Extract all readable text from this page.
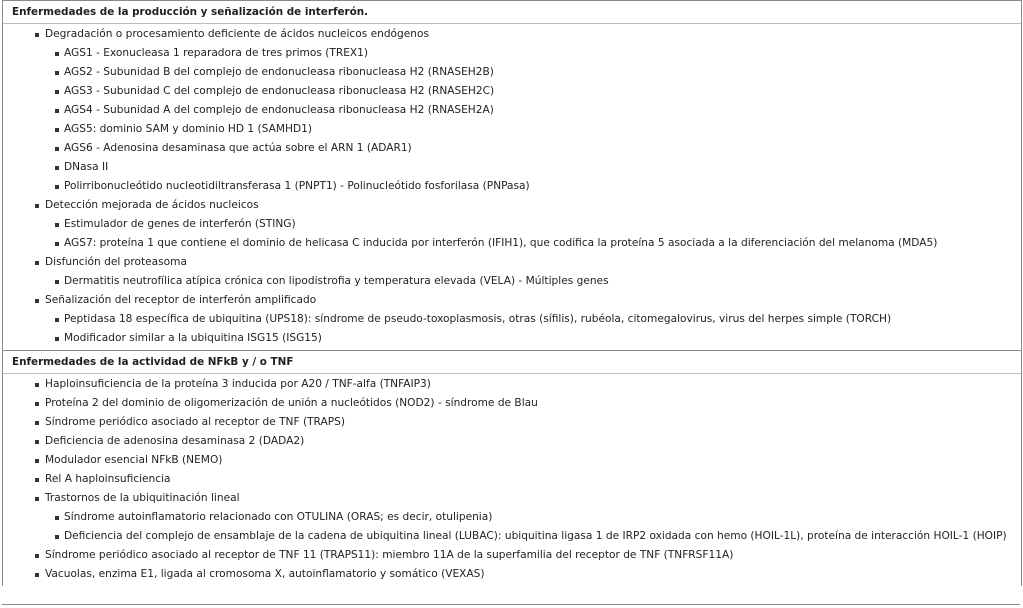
Enfermedades de la producción y señalización de interferón.
Degradación o procesamiento deficiente de ácidos nucleicos endógenos
AGS1 - Exonucleasa 1 reparadora de tres primos (TREX1)
AGS2 - Subunidad B del complejo de endonucleasa ribonucleasa H2 (RNASEH2B)
AGS3 - Subunidad C del complejo de endonucleasa ribonucleasa H2 (RNASEH2C)
AGS4 - Subunidad A del complejo de endonucleasa ribonucleasa H2 (RNASEH2A)
AGS5: dominio SAM y dominio HD 1 (SAMHD1)
AGS6 - Adenosina desaminasa que actúa sobre el ARN 1 (ADAR1)
DNasa II
Polirribonucleótido nucleotidiltransferasa 1 (PNPT1) - Polinucleótido fosforilasa (PNPasa)
Detección mejorada de ácidos nucleicos
Estimulador de genes de interferón (STING)
AGS7: proteína 1 que contiene el dominio de helicasa C inducida por interferón (IFIH1), que codifica la proteína 5 asociada a la diferenciación del melanoma (MDA5)
Disfunción del proteasoma
Dermatitis neutrofílica atípica crónica con lipodistrofia y temperatura elevada (VELA) - Múltiples genes
Señalización del receptor de interferón amplificado
Peptidasa 18 específica de ubiquitina (UPS18): síndrome de pseudo-toxoplasmosis, otras (sífilis), rubéola, citomegalovirus, virus del herpes simple (TORCH)
Modificador similar a la ubiquitina ISG15 (ISG15)
Enfermedades de la actividad de NFkB y / o TNF
Haploinsuficiencia de la proteína 3 inducida por A20 / TNF-alfa (TNFAIP3)
Proteína 2 del dominio de oligomerización de unión a nucleótidos (NOD2) - síndrome de Blau
Síndrome periódico asociado al receptor de TNF (TRAPS)
Deficiencia de adenosina desaminasa 2 (DADA2)
Modulador esencial NFkB (NEMO)
Rel A haploinsuficiencia
Trastornos de la ubiquitinación lineal
Síndrome autoinflamatorio relacionado con OTULINA (ORAS; es decir, otulipenia)
Deficiencia del complejo de ensamblaje de la cadena de ubiquitina lineal (LUBAC): ubiquitina ligasa 1 de IRP2 oxidada con hemo (HOIL-1L), proteína de interacción HOIL-1 (HOIP)
Síndrome periódico asociado al receptor de TNF 11 (TRAPS11): miembro 11A de la superfamilia del receptor de TNF (TNFRSF11A)
Vacuolas, enzima E1, ligada al cromosoma X, autoinflamatorio y somático (VEXAS)
